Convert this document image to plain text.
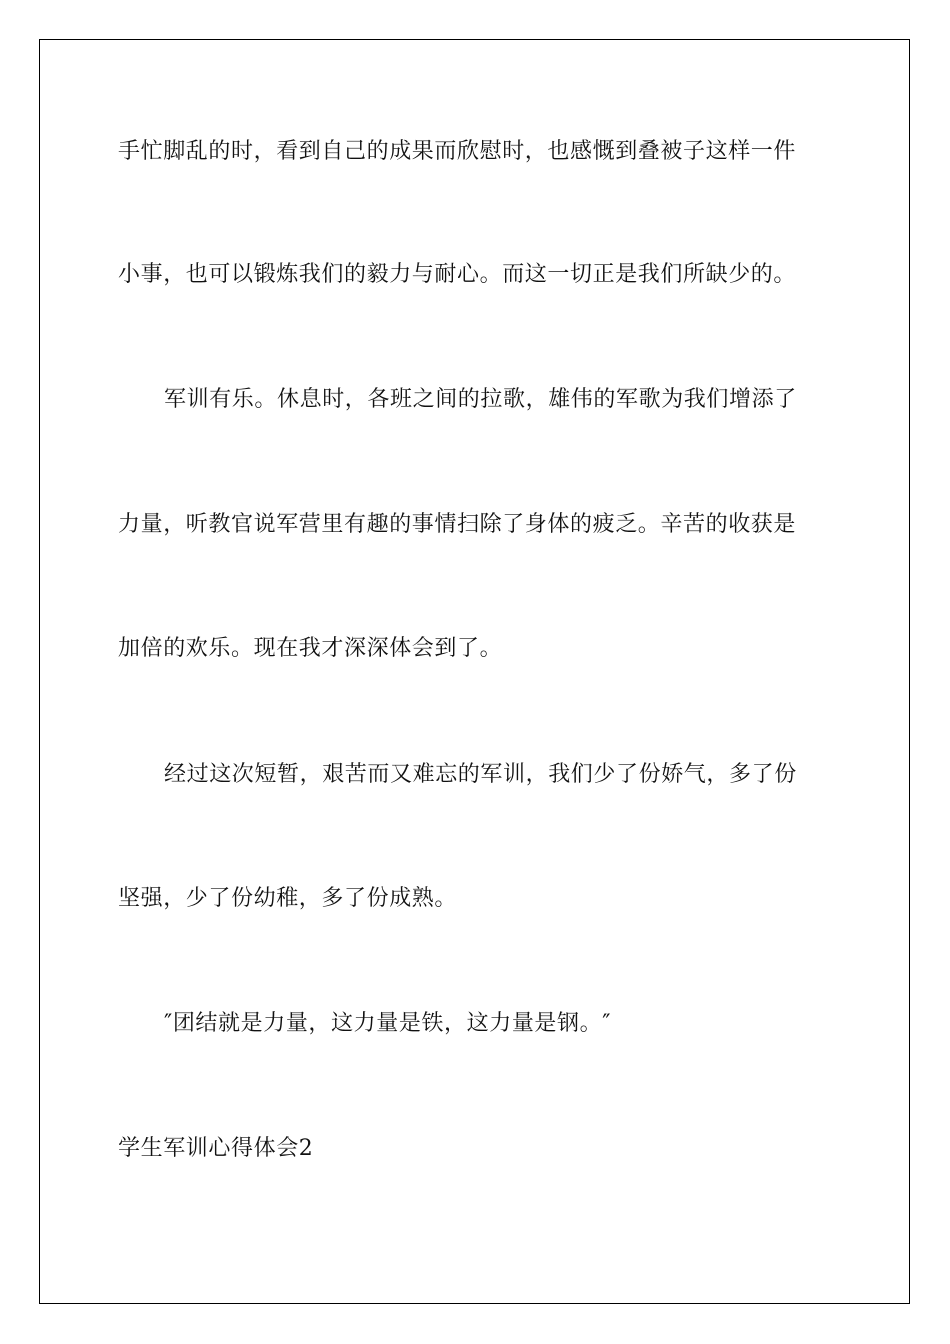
手忙脚乱的时，看到自己的成果而欣慰时，也感慨到叠被子这样一件
小事，也可以锻炼我们的毅力与耐心。而这一切正是我们所缺少的。
军训有乐。休息时，各班之间的拉歌，雄伟的军歌为我们增添了
力量，听教官说军营里有趣的事情扫除了身体的疲乏。辛苦的收获是
加倍的欢乐。现在我才深深体会到了。
经过这次短暂，艰苦而又难忘的军训，我们少了份娇气，多了份
坚强，少了份幼稚，多了份成熟。
″团结就是力量，这力量是铁，这力量是钢。″
学生军训心得体会2
